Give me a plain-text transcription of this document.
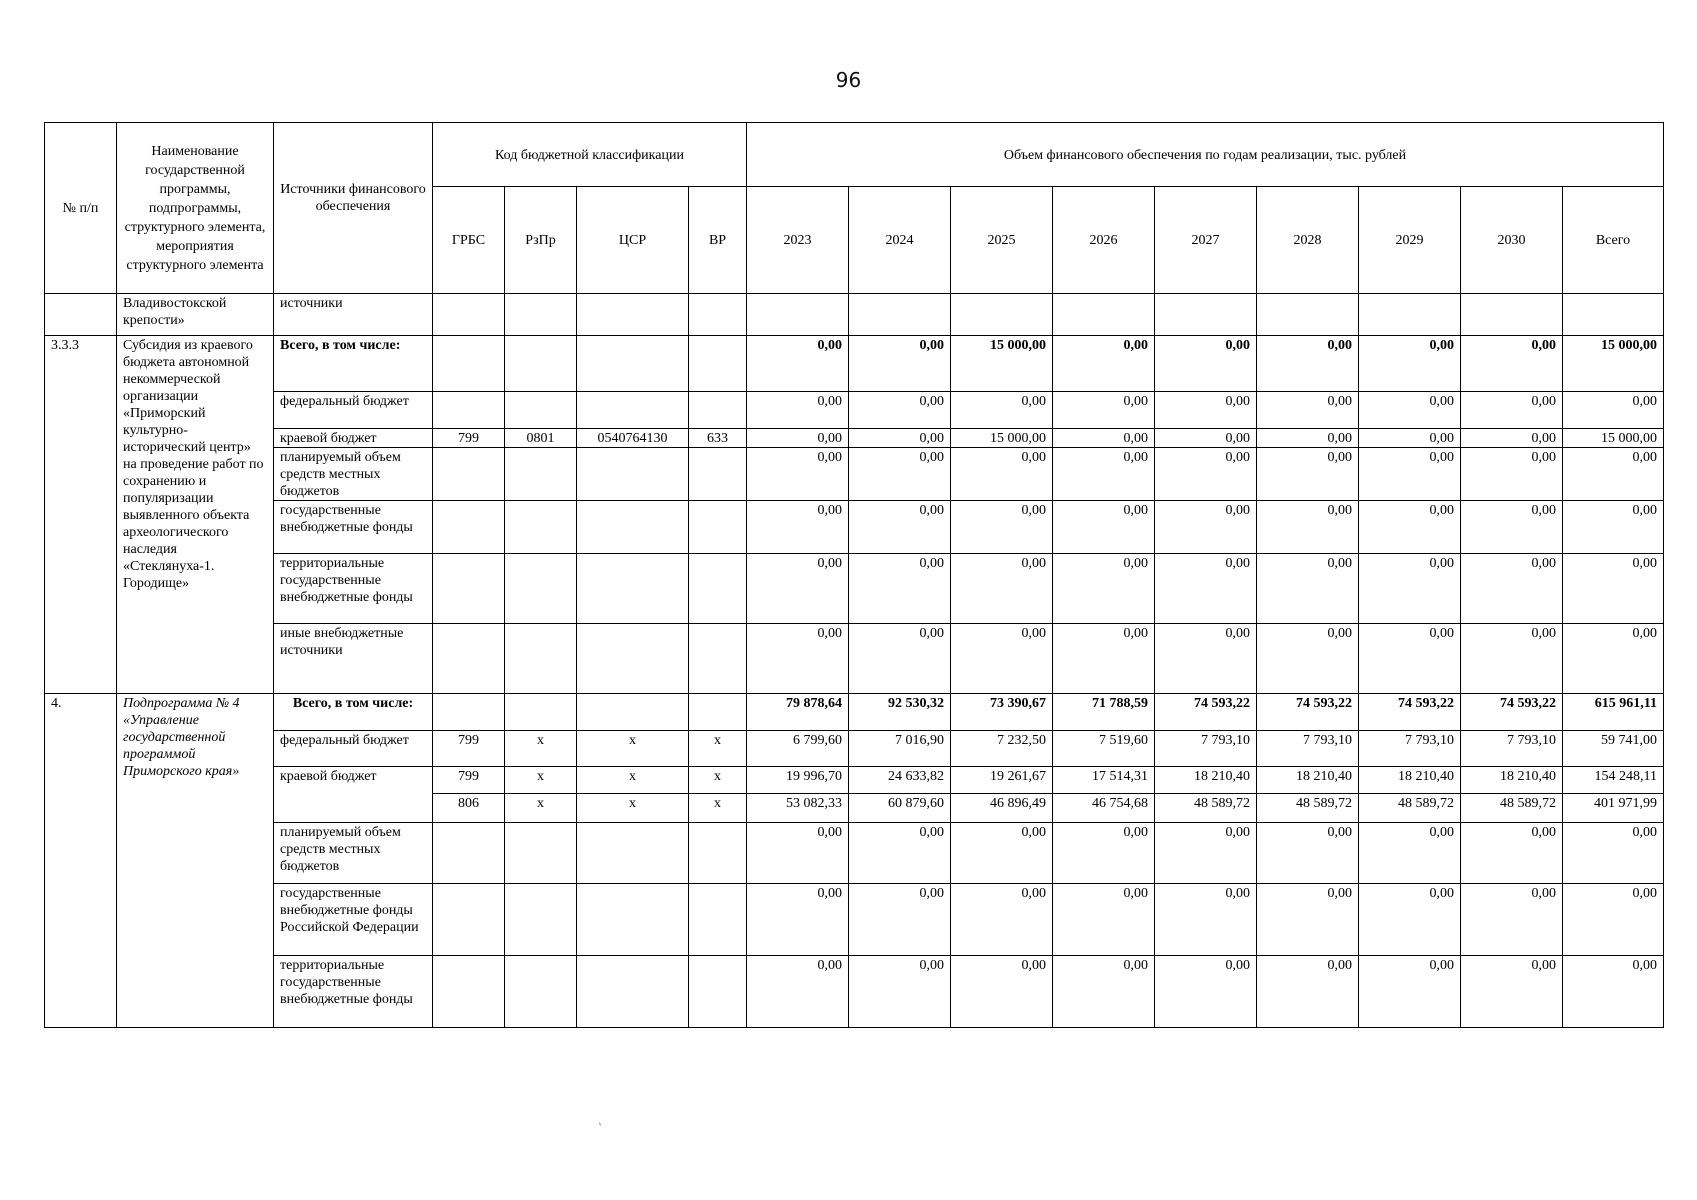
96
№ п/п	Наименование государственной программы, подпрограммы, структурного элемента, мероприятия структурного элемента	Источники финансового обеспечения	Код бюджетной классификации				Объем финансового обеспечения по годам реализации, тыс. рублей								
			ГРБС	РзПр	ЦСР	ВР	2023	2024	2025	2026	2027	2028	2029	2030	Всего
	Владивостокской крепости»	источники													
3.3.3	Субсидия из краевого бюджета автономной некоммерческой организации «Приморский культурно-исторический центр» на проведение работ по сохранению и популяризации выявленного объекта археологического наследия «Стеклянуха-1. Городище»	Всего, в том числе:					0,00	0,00	15 000,00	0,00	0,00	0,00	0,00	0,00	15 000,00
		федеральный бюджет					0,00	0,00	0,00	0,00	0,00	0,00	0,00	0,00	0,00
		краевой бюджет	799	0801	0540764130	633	0,00	0,00	15 000,00	0,00	0,00	0,00	0,00	0,00	15 000,00
		планируемый объем средств местных бюджетов					0,00	0,00	0,00	0,00	0,00	0,00	0,00	0,00	0,00
		государственные внебюджетные фонды					0,00	0,00	0,00	0,00	0,00	0,00	0,00	0,00	0,00
		территориальные государственные внебюджетные фонды					0,00	0,00	0,00	0,00	0,00	0,00	0,00	0,00	0,00
		иные внебюджетные источники					0,00	0,00	0,00	0,00	0,00	0,00	0,00	0,00	0,00
4.	Подпрограмма № 4 «Управление государственной программой Приморского края»	Всего, в том числе:					79 878,64	92 530,32	73 390,67	71 788,59	74 593,22	74 593,22	74 593,22	74 593,22	615 961,11
		федеральный бюджет	799	х	х	х	6 799,60	7 016,90	7 232,50	7 519,60	7 793,10	7 793,10	7 793,10	7 793,10	59 741,00
		краевой бюджет	799	х	х	х	19 996,70	24 633,82	19 261,67	17 514,31	18 210,40	18 210,40	18 210,40	18 210,40	154 248,11
			806	х	х	х	53 082,33	60 879,60	46 896,49	46 754,68	48 589,72	48 589,72	48 589,72	48 589,72	401 971,99
		планируемый объем средств местных бюджетов					0,00	0,00	0,00	0,00	0,00	0,00	0,00	0,00	0,00
		государственные внебюджетные фонды Российской Федерации					0,00	0,00	0,00	0,00	0,00	0,00	0,00	0,00	0,00
		территориальные государственные внебюджетные фонды					0,00	0,00	0,00	0,00	0,00	0,00	0,00	0,00	0,00
'
